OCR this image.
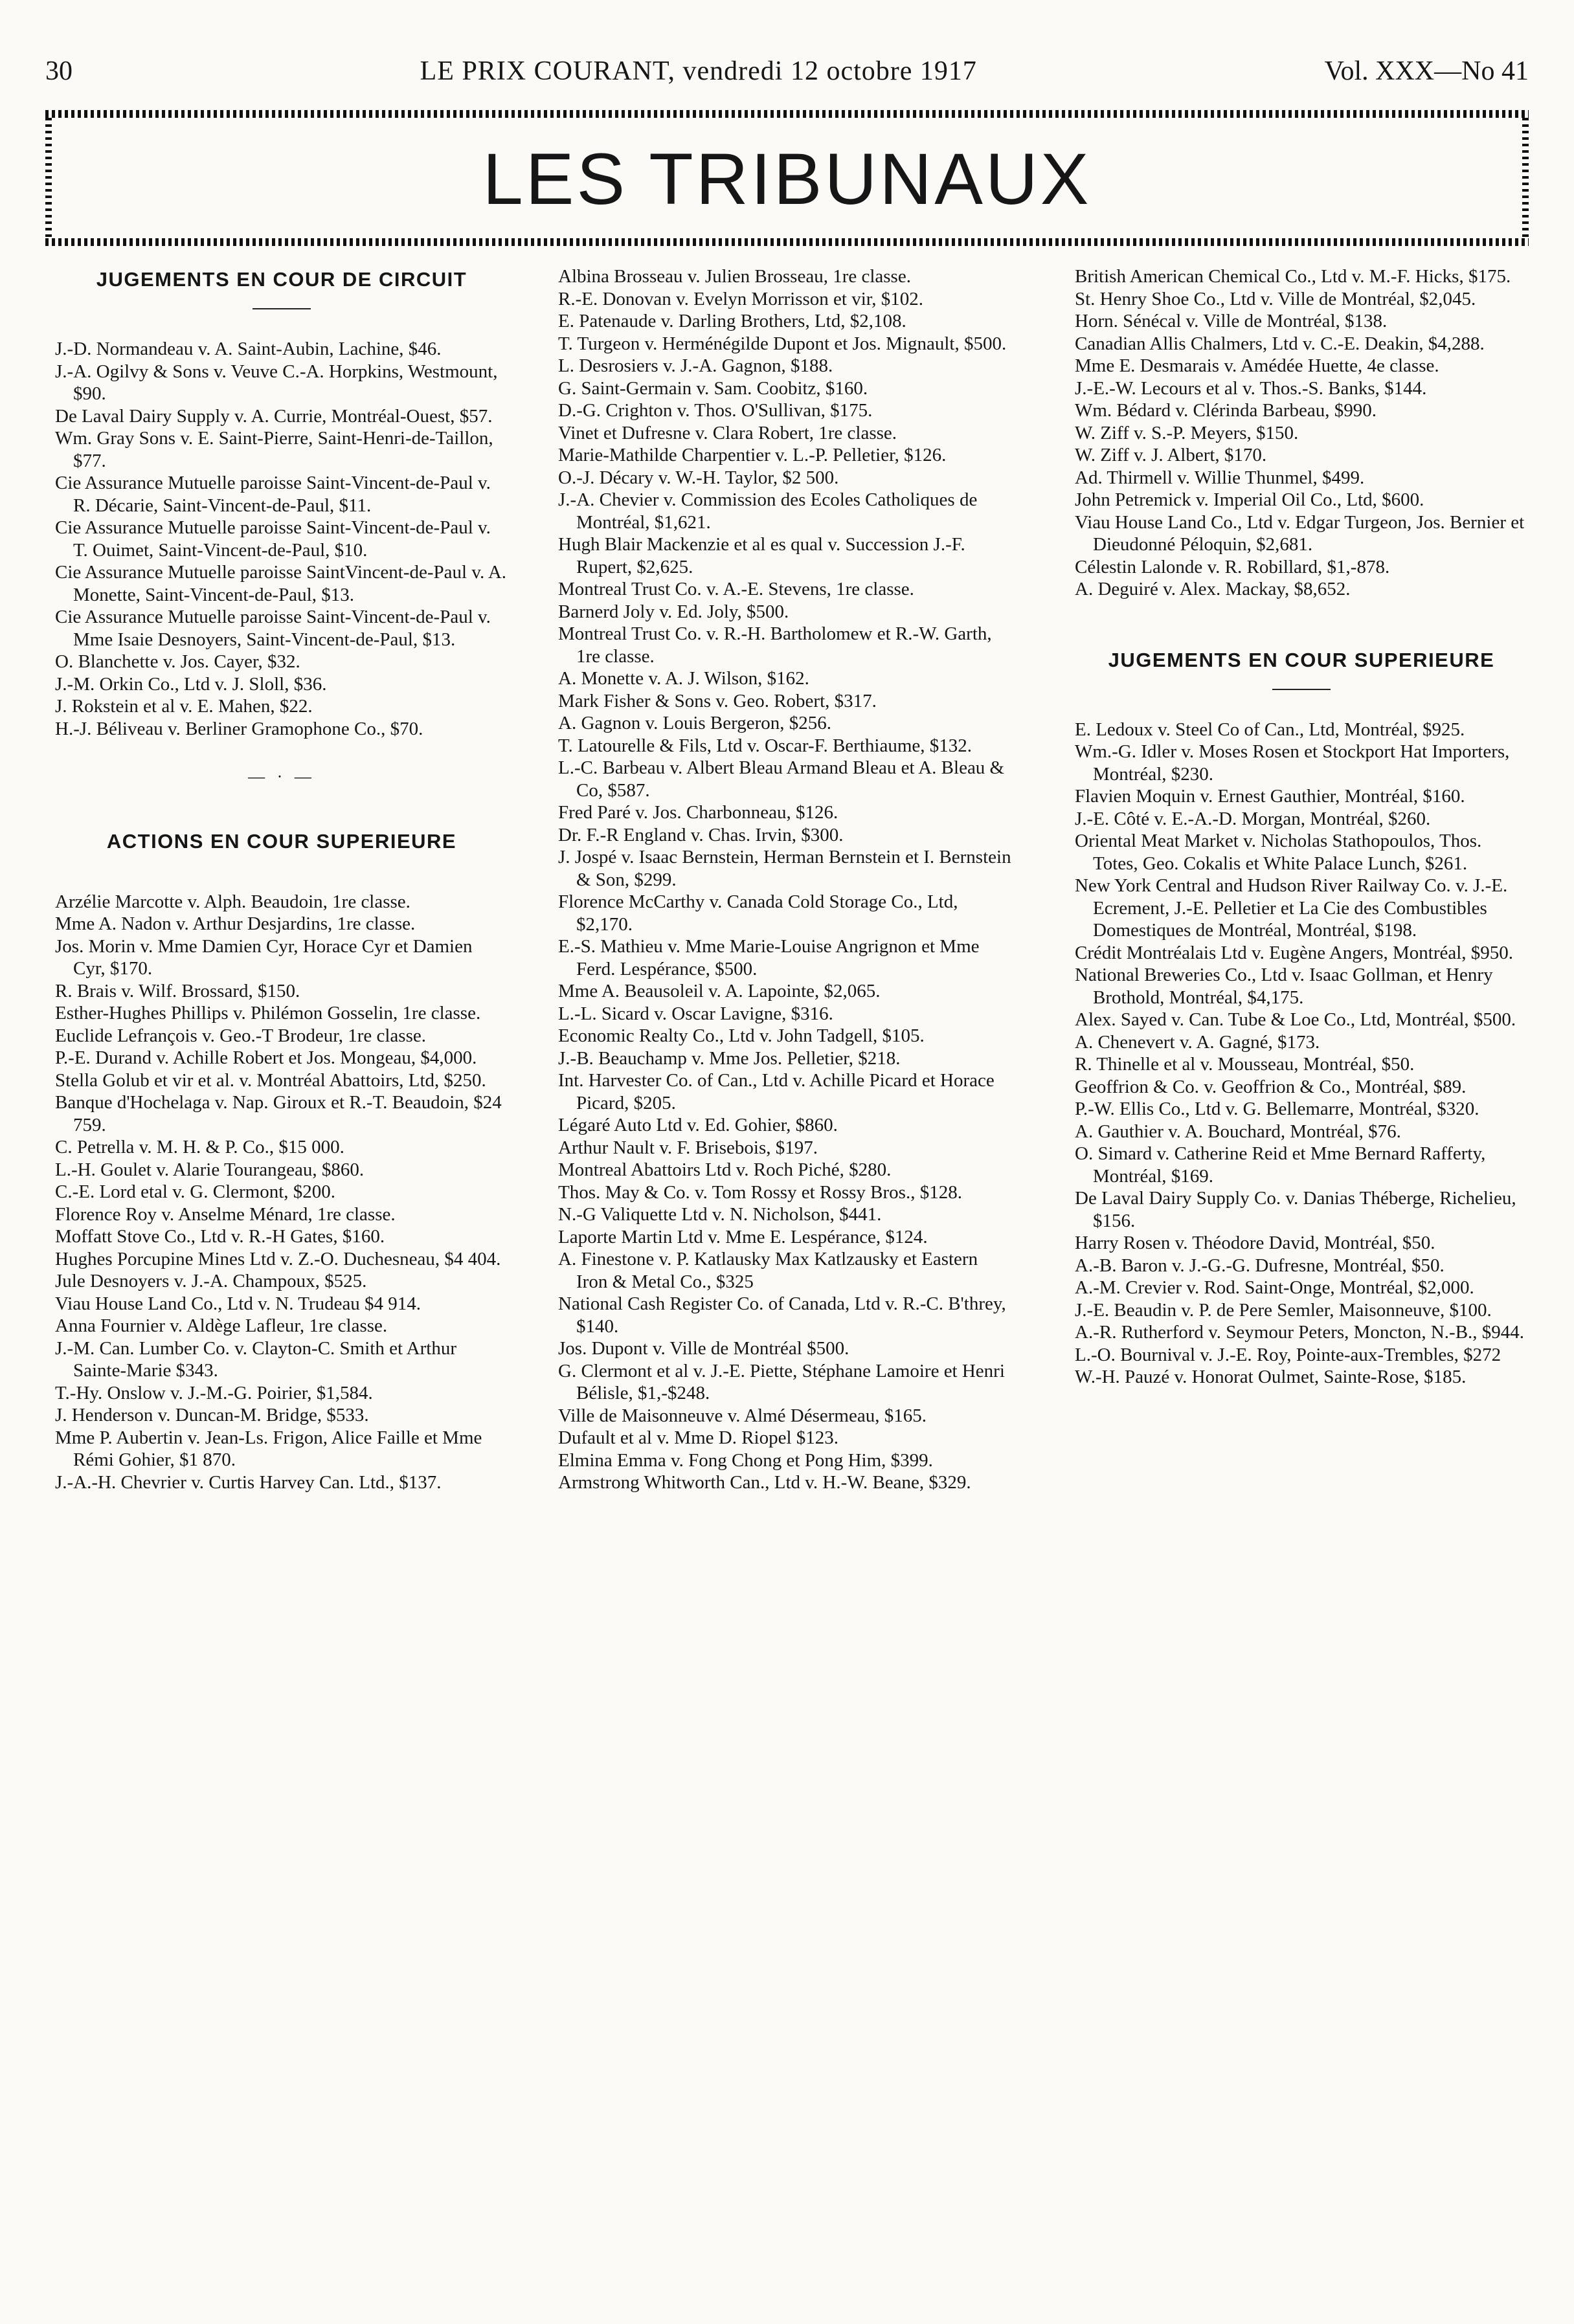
30	LE PRIX COURANT, vendredi 12 octobre 1917	Vol. XXX—No 41
LES TRIBUNAUX
JUGEMENTS EN COUR DE CIRCUIT
J.-D. Normandeau v. A. Saint-Aubin, Lachine, $46.
J.-A. Ogilvy & Sons v. Veuve C.-A. Horpkins, Westmount, $90.
De Laval Dairy Supply v. A. Currie, Montréal-Ouest, $57.
Wm. Gray Sons v. E. Saint-Pierre, Saint-Henri-de-Taillon, $77.
Cie Assurance Mutuelle paroisse Saint-Vincent-de-Paul v. R. Décarie, Saint-Vincent-de-Paul, $11.
Cie Assurance Mutuelle paroisse Saint-Vincent-de-Paul v. T. Ouimet, Saint-Vincent-de-Paul, $10.
Cie Assurance Mutuelle paroisse SaintVincent-de-Paul v. A. Monette, Saint-Vincent-de-Paul, $13.
Cie Assurance Mutuelle paroisse Saint-Vincent-de-Paul v. Mme Isaie Desnoyers, Saint-Vincent-de-Paul, $13.
O. Blanchette v. Jos. Cayer, $32.
J.-M. Orkin Co., Ltd v. J. Sloll, $36.
J. Rokstein et al v. E. Mahen, $22.
H.-J. Béliveau v. Berliner Gramophone Co., $70.
— · —
ACTIONS EN COUR SUPERIEURE
Arzélie Marcotte v. Alph. Beaudoin, 1re classe.
Mme A. Nadon v. Arthur Desjardins, 1re classe.
Jos. Morin v. Mme Damien Cyr, Horace Cyr et Damien Cyr, $170.
R. Brais v. Wilf. Brossard, $150.
Esther-Hughes Phillips v. Philémon Gosselin, 1re classe.
Euclide Lefrançois v. Geo.-T Brodeur, 1re classe.
P.-E. Durand v. Achille Robert et Jos. Mongeau, $4,000.
Stella Golub et vir et al. v. Montréal Abattoirs, Ltd, $250.
Banque d'Hochelaga v. Nap. Giroux et R.-T. Beaudoin, $24 759.
C. Petrella v. M. H. & P. Co., $15 000.
L.-H. Goulet v. Alarie Tourangeau, $860.
C.-E. Lord etal v. G. Clermont, $200.
Florence Roy v. Anselme Ménard, 1re classe.
Moffatt Stove Co., Ltd v. R.-H Gates, $160.
Hughes Porcupine Mines Ltd v. Z.-O. Duchesneau, $4 404.
Jule Desnoyers v. J.-A. Champoux, $525.
Viau House Land Co., Ltd v. N. Trudeau $4 914.
Anna Fournier v. Aldège Lafleur, 1re classe.
J.-M. Can. Lumber Co. v. Clayton-C. Smith et Arthur Sainte-Marie $343.
T.-Hy. Onslow v. J.-M.-G. Poirier, $1,584.
J. Henderson v. Duncan-M. Bridge, $533.
Mme P. Aubertin v. Jean-Ls. Frigon, Alice Faille et Mme Rémi Gohier, $1 870.
J.-A.-H. Chevrier v. Curtis Harvey Can. Ltd., $137.
Albina Brosseau v. Julien Brosseau, 1re classe.
R.-E. Donovan v. Evelyn Morrisson et vir, $102.
E. Patenaude v. Darling Brothers, Ltd, $2,108.
T. Turgeon v. Herménégilde Dupont et Jos. Mignault, $500.
L. Desrosiers v. J.-A. Gagnon, $188.
G. Saint-Germain v. Sam. Coobitz, $160.
D.-G. Crighton v. Thos. O'Sullivan, $175.
Vinet et Dufresne v. Clara Robert, 1re classe.
Marie-Mathilde Charpentier v. L.-P. Pelletier, $126.
O.-J. Décary v. W.-H. Taylor, $2 500.
J.-A. Chevier v. Commission des Ecoles Catholiques de Montréal, $1,621.
Hugh Blair Mackenzie et al es qual v. Succession J.-F. Rupert, $2,625.
Montreal Trust Co. v. A.-E. Stevens, 1re classe.
Barnerd Joly v. Ed. Joly, $500.
Montreal Trust Co. v. R.-H. Bartholomew et R.-W. Garth, 1re classe.
A. Monette v. A. J. Wilson, $162.
Mark Fisher & Sons v. Geo. Robert, $317.
A. Gagnon v. Louis Bergeron, $256.
T. Latourelle & Fils, Ltd v. Oscar-F. Berthiaume, $132.
L.-C. Barbeau v. Albert Bleau Armand Bleau et A. Bleau & Co, $587.
Fred Paré v. Jos. Charbonneau, $126.
Dr. F.-R England v. Chas. Irvin, $300.
J. Jospé v. Isaac Bernstein, Herman Bernstein et I. Bernstein & Son, $299.
Florence McCarthy v. Canada Cold Storage Co., Ltd, $2,170.
E.-S. Mathieu v. Mme Marie-Louise Angrignon et Mme Ferd. Lespérance, $500.
Mme A. Beausoleil v. A. Lapointe, $2,065.
L.-L. Sicard v. Oscar Lavigne, $316.
Economic Realty Co., Ltd v. John Tadgell, $105.
J.-B. Beauchamp v. Mme Jos. Pelletier, $218.
Int. Harvester Co. of Can., Ltd v. Achille Picard et Horace Picard, $205.
Légaré Auto Ltd v. Ed. Gohier, $860.
Arthur Nault v. F. Brisebois, $197.
Montreal Abattoirs Ltd v. Roch Piché, $280.
Thos. May & Co. v. Tom Rossy et Rossy Bros., $128.
N.-G Valiquette Ltd v. N. Nicholson, $441.
Laporte Martin Ltd v. Mme E. Lespérance, $124.
A. Finestone v. P. Katlausky Max Katlzausky et Eastern Iron & Metal Co., $325
National Cash Register Co. of Canada, Ltd v. R.-C. B'threy, $140.
Jos. Dupont v. Ville de Montréal $500.
G. Clermont et al v. J.-E. Piette, Stéphane Lamoire et Henri Bélisle, $1,-$248.
Ville de Maisonneuve v. Almé Désermeau, $165.
Dufault et al v. Mme D. Riopel $123.
Elmina Emma v. Fong Chong et Pong Him, $399.
Armstrong Whitworth Can., Ltd v. H.-W. Beane, $329.
British American Chemical Co., Ltd v. M.-F. Hicks, $175.
St. Henry Shoe Co., Ltd v. Ville de Montréal, $2,045.
Horn. Sénécal v. Ville de Montréal, $138.
Canadian Allis Chalmers, Ltd v. C.-E. Deakin, $4,288.
Mme E. Desmarais v. Amédée Huette, 4e classe.
J.-E.-W. Lecours et al v. Thos.-S. Banks, $144.
Wm. Bédard v. Clérinda Barbeau, $990.
W. Ziff v. S.-P. Meyers, $150.
W. Ziff v. J. Albert, $170.
Ad. Thirmell v. Willie Thunmel, $499.
John Petremick v. Imperial Oil Co., Ltd, $600.
Viau House Land Co., Ltd v. Edgar Turgeon, Jos. Bernier et Dieudonné Péloquin, $2,681.
Célestin Lalonde v. R. Robillard, $1,-878.
A. Deguiré v. Alex. Mackay, $8,652.
JUGEMENTS EN COUR SUPERIEURE
E. Ledoux v. Steel Co of Can., Ltd, Montréal, $925.
Wm.-G. Idler v. Moses Rosen et Stockport Hat Importers, Montréal, $230.
Flavien Moquin v. Ernest Gauthier, Montréal, $160.
J.-E. Côté v. E.-A.-D. Morgan, Montréal, $260.
Oriental Meat Market v. Nicholas Stathopoulos, Thos. Totes, Geo. Cokalis et White Palace Lunch, $261.
New York Central and Hudson River Railway Co. v. J.-E. Ecrement, J.-E. Pelletier et La Cie des Combustibles Domestiques de Montréal, Montréal, $198.
Crédit Montréalais Ltd v. Eugène Angers, Montréal, $950.
National Breweries Co., Ltd v. Isaac Gollman, et Henry Brothold, Montréal, $4,175.
Alex. Sayed v. Can. Tube & Loe Co., Ltd, Montréal, $500.
A. Chenevert v. A. Gagné, $173.
R. Thinelle et al v. Mousseau, Montréal, $50.
Geoffrion & Co. v. Geoffrion & Co., Montréal, $89.
P.-W. Ellis Co., Ltd v. G. Bellemarre, Montréal, $320.
A. Gauthier v. A. Bouchard, Montréal, $76.
O. Simard v. Catherine Reid et Mme Bernard Rafferty, Montréal, $169.
De Laval Dairy Supply Co. v. Danias Théberge, Richelieu, $156.
Harry Rosen v. Théodore David, Montréal, $50.
A.-B. Baron v. J.-G.-G. Dufresne, Montréal, $50.
A.-M. Crevier v. Rod. Saint-Onge, Montréal, $2,000.
J.-E. Beaudin v. P. de Pere Semler, Maisonneuve, $100.
A.-R. Rutherford v. Seymour Peters, Moncton, N.-B., $944.
L.-O. Bournival v. J.-E. Roy, Pointe-aux-Trembles, $272
W.-H. Pauzé v. Honorat Oulmet, Sainte-Rose, $185.
